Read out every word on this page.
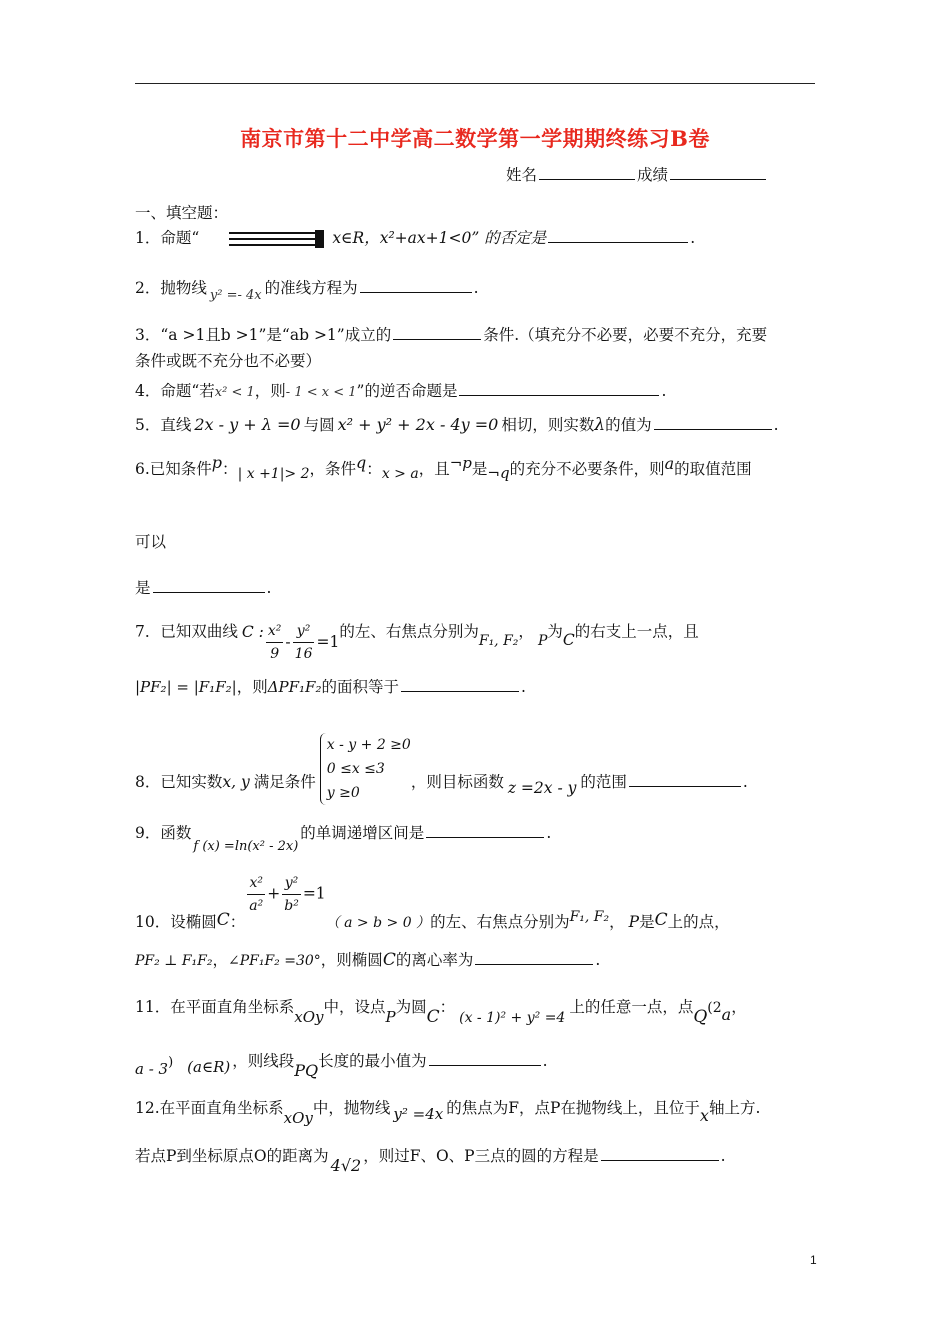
南京市第十二中学高二数学第一学期期终练习B卷
姓名	成绩
一、填空题：
1．命题“	x∈R，x²+ax+1<0” 的否定是	.
2．抛物线 $_{y^2 =- 4x}$ 的准线方程为	.
3．“a >1且b >1”是“ab >1”成立的	条件.（填充分不必要，必要不充分，充要
条件或既不充分也不必要）
4．命题“若x² < 1，则- 1 < x < 1”的逆否命题是	.
5．直线 2x - y + λ =0 与圆 x² + y² + 2x - 4y =0 相切，则实数λ的值为	.
6.已知条件p：| x +1|> 2，条件q：x > a，且¬p是¬q的充分不必要条件，则a的取值范围
可以
是	.
7．已知双曲线 C : $\frac{\text{x²}}{9} - \frac{\text{y²}}{16} =1$的左、右焦点分别为F₁, F₂， P为C的右支上一点，且
|PF₂| = |F₁F₂|，则ΔPF₁F₂的面积等于	.
8．已知实数x, y 满足条件
x - y + 2 ≥0
0 ≤x ≤3
y ≥0
，则目标函数 z =2x - y 的范围	.
9．函数$_{f (x) =ln(x^2 - 2x)}$的单调递增区间是	.
10．设椭圆C：
$\frac{\text{x²}}{\text{a²}} + \frac{\text{y²}}{\text{b²}} =1$（ a > b > 0 ）的左、右焦点分别为F₁, F₂， P是C上的点，
PF₂ ⊥ F₁F₂，∠PF₁F₂ =30°，则椭圆C的离心率为	.
11．在平面直角坐标系xOy中，设点P为圆C：(x - 1)² + y² =4上的任意一点，点Q(2a，
a - 3) (a∈R) ，则线段PQ长度的最小值为	.
12.在平面直角坐标系xOy中，抛物线 y² =4x 的焦点为F，点P在抛物线上，且位于x轴上方.
若点P到坐标原点O的距离为 4√2 ，则过F、O、P三点的圆的方程是	.
1
